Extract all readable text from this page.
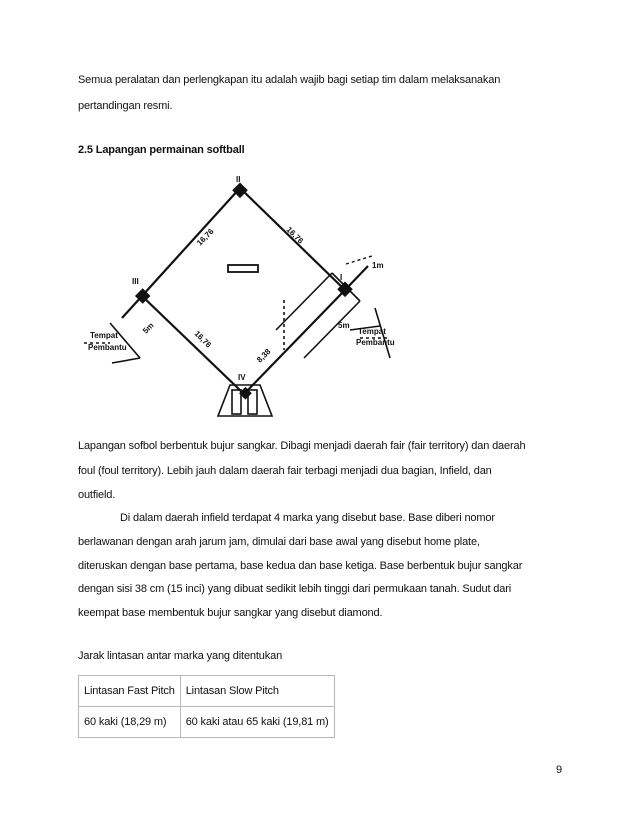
Semua peralatan dan perlengkapan itu adalah wajib bagi setiap tim dalam melaksanakan
pertandingan resmi.
2.5 Lapangan permainan softball
II
III	I
IV
16,76	16,76
16,76
8,38
5m	5m
1m
Tempat
Pembantu
Tempat
Pembantu
Lapangan sofbol berbentuk bujur sangkar. Dibagi menjadi daerah fair (fair territory) dan daerah
foul (foul territory). Lebih jauh dalam daerah fair terbagi menjadi dua bagian, Infield, dan
outfield.
Di dalam daerah infield terdapat 4 marka yang disebut base. Base diberi nomor
berlawanan dengan arah jarum jam, dimulai dari base awal yang disebut home plate,
diteruskan dengan base pertama, base kedua dan base ketiga. Base berbentuk bujur sangkar
dengan sisi 38 cm (15 inci) yang dibuat sedikit lebih tinggi dari permukaan tanah. Sudut dari
keempat base membentuk bujur sangkar yang disebut diamond.
Jarak lintasan antar marka yang ditentukan
Lintasan Fast Pitch	Lintasan Slow Pitch
60 kaki (18,29 m)	60 kaki atau 65 kaki (19,81 m)
9
